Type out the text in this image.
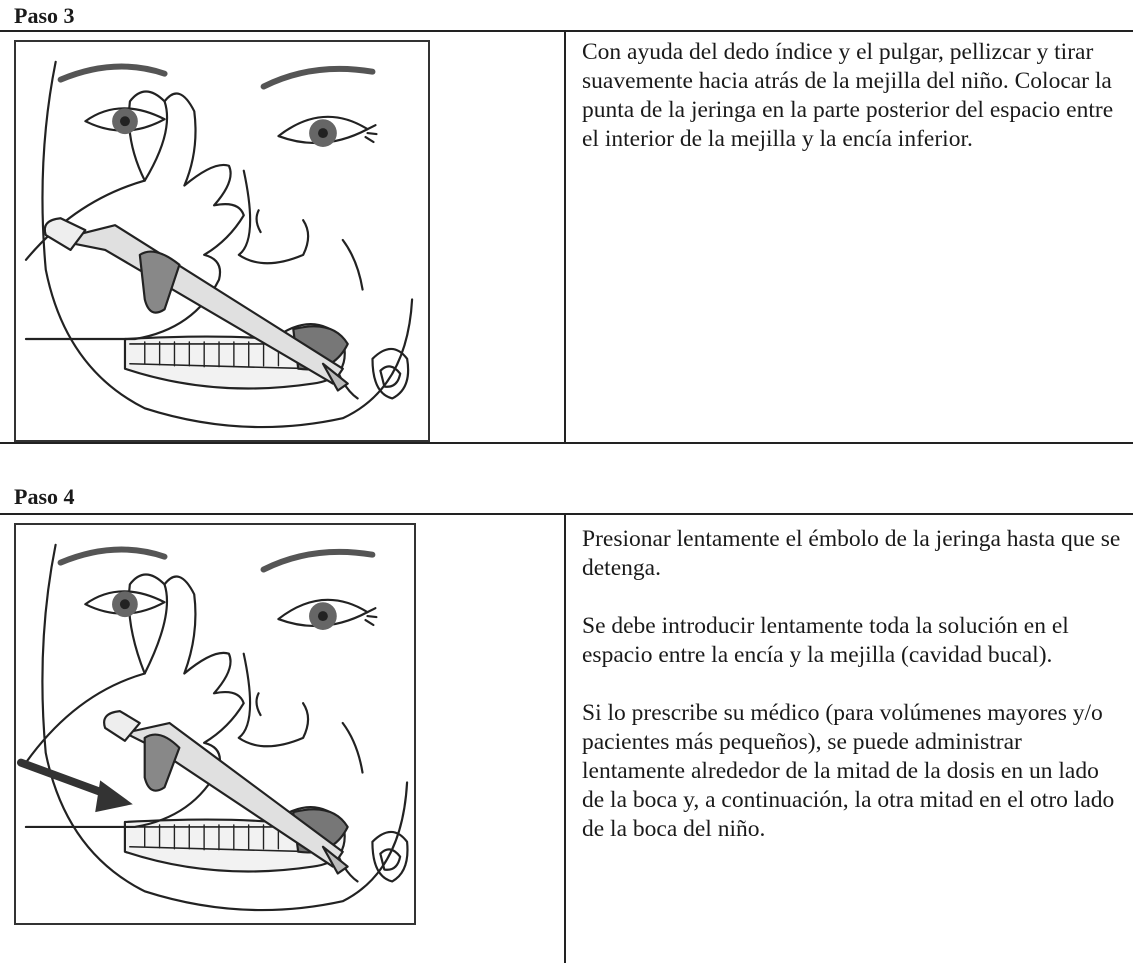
Paso 3

Con ayuda del dedo índice y el pulgar, pellizcar y tirar suavemente hacia atrás de la mejilla del niño. Colocar la punta de la jeringa en la parte posterior del espacio entre el interior de la mejilla y la encía inferior.

Paso 4

Presionar lentamente el émbolo de la jeringa hasta que se detenga.

Se debe introducir lentamente toda la solución en el espacio entre la encía y la mejilla (cavidad bucal).

Si lo prescribe su médico (para volúmenes mayores y/o pacientes más pequeños), se puede administrar lentamente alrededor de la mitad de la dosis en un lado de la boca y, a continuación, la otra mitad en el otro lado de la boca del niño.
